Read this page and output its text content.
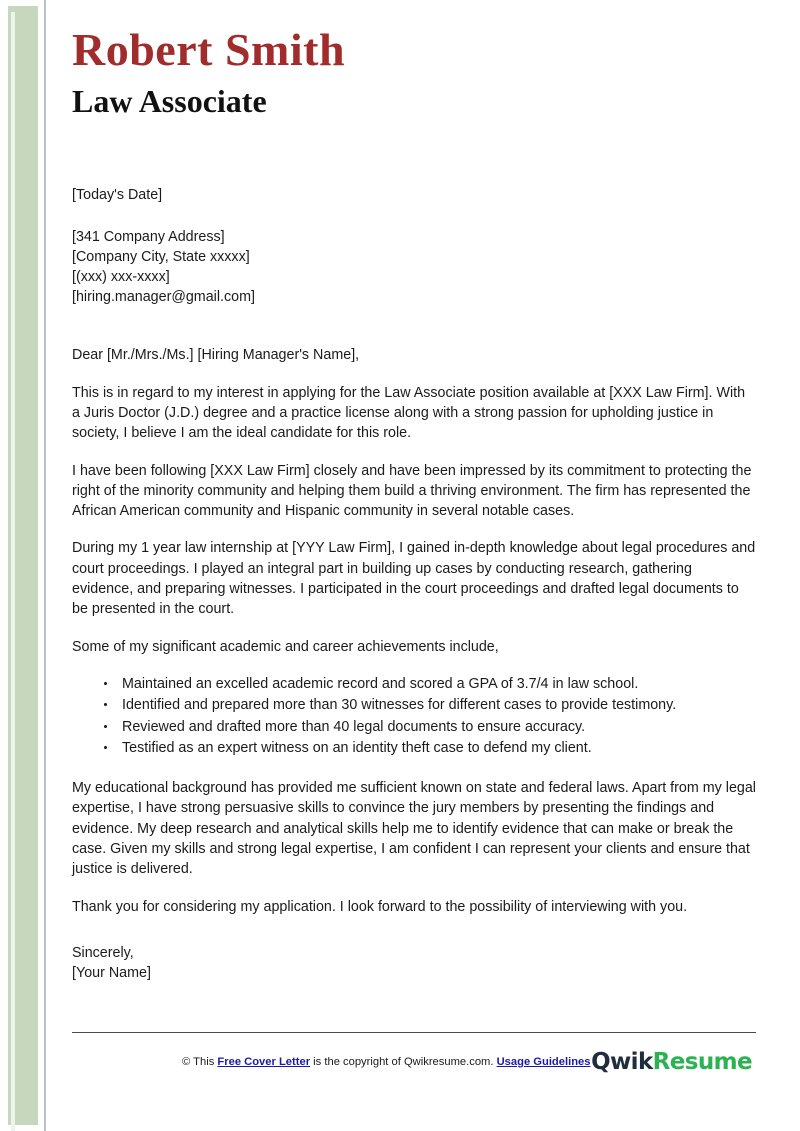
Robert Smith
Law Associate
[Today's Date]
[341 Company Address]
[Company City, State xxxxx]
[(xxx) xxx-xxxx]
[hiring.manager@gmail.com]

Dear [Mr./Mrs./Ms.] [Hiring Manager's Name],

This is in regard to my interest in applying for the Law Associate position available at [XXX Law Firm]. With a Juris Doctor (J.D.) degree and a practice license along with a strong passion for upholding justice in society, I believe I am the ideal candidate for this role.

I have been following [XXX Law Firm] closely and have been impressed by its commitment to protecting the right of the minority community and helping them build a thriving environment. The firm has represented the African American community and Hispanic community in several notable cases.

During my 1 year law internship at [YYY Law Firm], I gained in-depth knowledge about legal procedures and court proceedings. I played an integral part in building up cases by conducting research, gathering evidence, and preparing witnesses. I participated in the court proceedings and drafted legal documents to be presented in the court.

Some of my significant academic and career achievements include,

Maintained an excelled academic record and scored a GPA of 3.7/4 in law school.
Identified and prepared more than 30 witnesses for different cases to provide testimony.
Reviewed and drafted more than 40 legal documents to ensure accuracy.
Testified as an expert witness on an identity theft case to defend my client.

My educational background has provided me sufficient known on state and federal laws. Apart from my legal expertise, I have strong persuasive skills to convince the jury members by presenting the findings and evidence. My deep research and analytical skills help me to identify evidence that can make or break the case. Given my skills and strong legal expertise, I am confident I can represent your clients and ensure that justice is delivered.

Thank you for considering my application. I look forward to the possibility of interviewing with you.

Sincerely,
[Your Name]
© This Free Cover Letter is the copyright of Qwikresume.com. Usage Guidelines QwikResume
